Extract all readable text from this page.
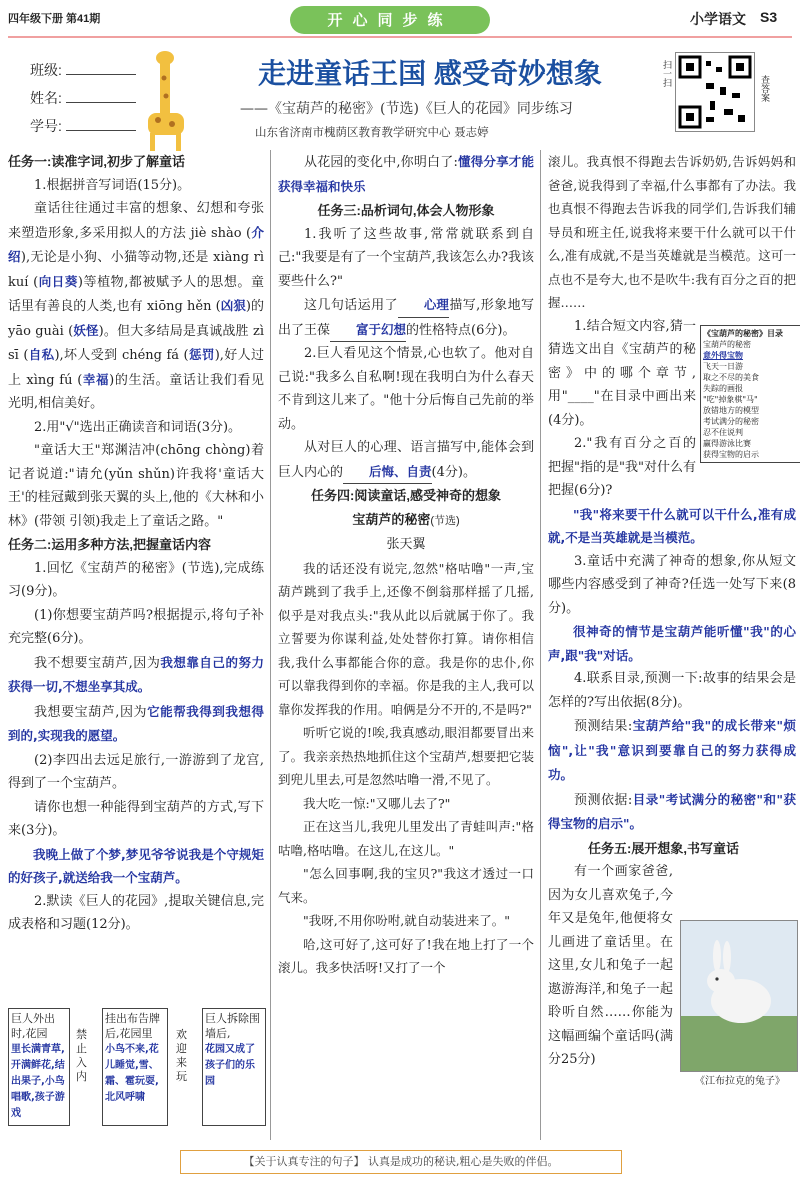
四年级下册 第41期	开心同步练	小学语文 S3
班级:
姓名:
学号:
走进童话王国 感受奇妙想象
——《宝葫芦的秘密》(节选)《巨人的花园》同步练习
山东省济南市槐荫区教育教学研究中心 聂志婷
扫一扫
查答案
任务一:读准字词,初步了解童话

1.根据拼音写词语(15分)。

童话往往通过丰富的想象、幻想和夸张来塑造形象,多采用拟人的方法 jiè shào (介绍),无论是小狗、小猫等动物,还是 xiàng rì kuí (向日葵)等植物,都被赋予人的思想。童话里有善良的人类,也有 xiōng hěn (凶狠)的 yāo guài (妖怪)。但大多结局是真诚战胜 zì sī (自私),坏人受到 chéng fá (惩罚),好人过上 xìng fú (幸福)的生活。童话让我们看见光明,相信美好。

2.用"√"选出正确读音和词语(3分)。

"童话大王"郑渊洁冲(chōng chòng)着记者说道:"请允(yǔn shǔn)许我将'童话大王'的桂冠戴到张天翼的头上,他的《大林和小林》(带领 引领)我走上了童话之路。"

任务二:运用多种方法,把握童话内容

1.回忆《宝葫芦的秘密》(节选),完成练习(9分)。

(1)你想要宝葫芦吗?根据提示,将句子补充完整(6分)。

我不想要宝葫芦,因为我想靠自己的努力获得一切,不想坐享其成。

我想要宝葫芦,因为它能帮我得到我想得到的,实现我的愿望。

(2)李四出去远足旅行,一游游到了龙宫,得到了一个宝葫芦。

请你也想一种能得到宝葫芦的方式,写下来(3分)。

我晚上做了个梦,梦见爷爷说我是个守规矩的好孩子,就送给我一个宝葫芦。

2.默读《巨人的花园》,提取关键信息,完成表格和习题(12分)。

巨人外出时,花园
里长满青草,开满鲜花,结出果子,小鸟唱歌,孩子游戏
禁止入内
挂出布告牌后,花园里
小鸟不来,花儿睡觉,雪、霜、雹玩耍,北风呼啸
欢迎来玩
巨人拆除围墙后,
花园又成了孩子们的乐园

从花园的变化中,你明白了:懂得分享才能获得幸福和快乐

任务三:品析词句,体会人物形象

1.我听了这些故事,常常就联系到自己:"我要是有了一个宝葫芦,我该怎么办?我该要些什么?"

这几句话运用了 心理描写,形象地写出了王葆 富于幻想的性格特点(6分)。

2.巨人看见这个情景,心也软了。他对自己说:"我多么自私啊!现在我明白为什么春天不肯到这儿来了。"他十分后悔自己先前的举动。

从对巨人的心理、语言描写中,能体会到巨人内心的 后悔、自责(4分)。

任务四:阅读童话,感受神奇的想象
宝葫芦的秘密(节选)
张天翼

我的话还没有说完,忽然"格咕噜"一声,宝葫芦跳到了我手上,还像不倒翁那样摇了几摇,似乎是对我点头:"我从此以后就属于你了。我立誓要为你谋利益,处处替你打算。请你相信我,我什么事都能合你的意。我是你的忠仆,你可以靠我得到你的幸福。你是我的主人,我可以靠你发挥我的作用。咱俩是分不开的,不是吗?"

听听它说的!唉,我真感动,眼泪都要冒出来了。我亲亲热热地抓住这个宝葫芦,想要把它装到兜儿里去,可是忽然咕噜一滑,不见了。

我大吃一惊:"又哪儿去了?"

正在这当儿,我兜儿里发出了青蛙叫声:"格咕噜,格咕噜。在这儿,在这儿。"

"怎么回事啊,我的宝贝?"我这才透过一口气来。

"我呀,不用你吩咐,就自动装进来了。"

哈,这可好了,这可好了!我在地上打了一个滚儿。我多快活呀!又打了一个

滚儿。我真恨不得跑去告诉奶奶,告诉妈妈和爸爸,说我得到了幸福,什么事都有了办法。我也真恨不得跑去告诉我的同学们,告诉我们辅导员和班主任,说我将来要干什么就可以干什么,准有成就,不是当英雄就是当模范。这可一点也不是夸大,也不是吹牛:我有百分之百的把握……

1.结合短文内容,猜一猜选文出自《宝葫芦的秘密》中的哪个章节,用"____"在目录中画出来(4分)。

2."我有百分之百的把握"指的是"我"对什么有把握(6分)?

"我"将来要干什么就可以干什么,准有成就,不是当英雄就是当模范。

3.童话中充满了神奇的想象,你从短文哪些内容感受到了神奇?任选一处写下来(8分)。

很神奇的情节是宝葫芦能听懂"我"的心声,跟"我"对话。

4.联系目录,预测一下:故事的结果会是怎样的?写出依据(8分)。

预测结果:宝葫芦给"我"的成长带来"烦恼",让"我"意识到要靠自己的努力获得成功。

预测依据:目录"考试满分的秘密"和"获得宝物的启示"。

任务五:展开想象,书写童话

有一个画家爸爸,因为女儿喜欢兔子,今年又是兔年,他便将女儿画进了童话里。在这里,女儿和兔子一起遨游海洋,和兔子一起聆听自然……你能为这幅画编个童话吗(满分25分)

《宝葫芦的秘密》目录
宝葫芦的秘密
意外得宝物
飞天一日游
取之不尽的美食
失踪的画报
"吃"掉象棋"马"
放错地方的模型
考试满分的秘密
忍不住说判
赢得游泳比赛
获得宝物的启示
《江布拉克的兔子》
【关于认真专注的句子】 认真是成功的秘诀,粗心是失败的伴侣。
